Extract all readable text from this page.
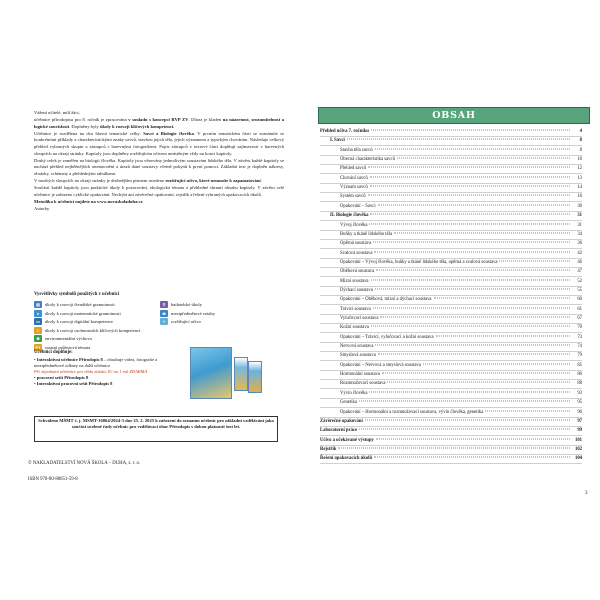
Vážení učitelé, milí žáci,

učebnice přírodopisu pro 8. ročník je zpracována v souladu s koncepcí RVP ZV. Důraz je kladen na názornost, srozumitelnost a logické souvislosti. Doplněny byly úkoly k rozvoji klíčových kompetencí.

Učebnice je rozdělena na dva hlavní tematické celky: Savci a Biologie člověka. V prvním tematickém části se seznámíte se konkrétními příklady a charakteristickými znaky savců, stavbou jejich těla, jejich významem a typickým chováním. Následuje celkový přehled vybraných skupin a zástupců s barevnými fotografiemi. Popis zástupců v textové části doplňují zajímavosti v barevných sloupcích na okraji stránky. Kapitoly jsou doplněny rozšiřujícím učivem umístěným vždy na konci kapitoly.

Druhý celek je zaměřen na biologii člověka. Kapitoly jsou věnovány jednotlivým soustavám lidského těla. V závěru každé kapitoly se nachází přehled nejběžnějších onemocnění a úrazů dané soustavy včetně pokynů k první pomoci. Základní text je doplněn nákresy, obrázky, schématy a přehlednými tabulkami.

V modrých sloupcích na okraji stránky je drobnějším písmem uvedeno rozšiřující učivo, které nemusíte k zapamatování.

Součástí každé kapitoly jsou praktické úkoly k pozorování, ekologická témata a přehledné shrnutí obsahu kapitoly. V závěru celé učebnice je zařazeno cyklické opakování. Nechybí ani závěrečné opakování, rejstřík a řešení vybraných opakovacích úkolů.

Metodika k učebnici najdete na www.novaskoladuha.cz

Autorky

Vysvětlivky symbolů použitých v učebnici
▤	úkoly k rozvoji čtenářské gramotnosti
±	úkoly k rozvoji matematické gramotnosti
▭	úkoly k rozvoji digitální kompetence
☺	úkoly k rozvoji osobnostních klíčových kompetencí
❀	environmentální výchova
PT ostatní průřezová témata
⚲	badatelské úkoly
⇄	mezipředmětové vztahy
+	rozšiřující učivo
Učebnici doplňuje:
• Interaktivní učebnice Přírodopis 8 – obsahuje videa, fotografie a mezipředmětové odkazy na další učebnice
Při objednání učebnice pro třídu získáte IU na 1 rok ZDARMA.
• pracovní sešit Přírodopis 8
• Interaktivní pracovní sešit Přírodopis 8
Schváleno MŠMT č. j. MSMT-16864/2024-3 dne 25. 2. 2025 k zařazení do seznamu učebnic pro základní vzdělávání jako součást ucelené řady učebnic pro vzdělávací obor Přírodopis s dobou platnosti šest let.
© NAKLADATELSTVÍ NOVÁ ŠKOLA – DUHA, s. r. o.
ISBN 978-80-88651-59-8
OBSAH
Přehled učiva 7. ročníku	4
I. Savci	8
Stavba těla savců	8
Obecná charakteristika savců	10
Přehled savců	12
Chování savců	13
Význam savců	14
Systém savců	16
Opakování – Savci	30
II. Biologie člověka	31
Vývoj člověka	31
Buňky a tkáně lidského těla	34
Opěrná soustava	36
Svalová soustava	42
Opakování – Vývoj člověka, buňky a tkáně lidského těla, opěrná a svalová soustava	46
Oběhová soustava	47
Mízní soustava	52
Dýchací soustava	55
Opakování – Oběhová, mízní a dýchací soustava	60
Trávicí soustava	61
Vylučovací soustava	67
Kožní soustava	70
Opakování – Trávicí, vylučovací a kožní soustava	73
Nervová soustava	74
Smyslová soustava	79
Opakování – Nervová a smyslová soustava	85
Hormonální soustava	86
Rozmnožovací soustava	88
Vývin člověka	93
Genetika	95
Opakování – Hormonální a rozmnožovací soustava, vývin člověka, genetika	96
Závěrečné opakování	97
Laboratorní práce	99
Učivo a očekávané výstupy	101
Rejstřík	102
Řešení opakovacích úkolů	104
3
